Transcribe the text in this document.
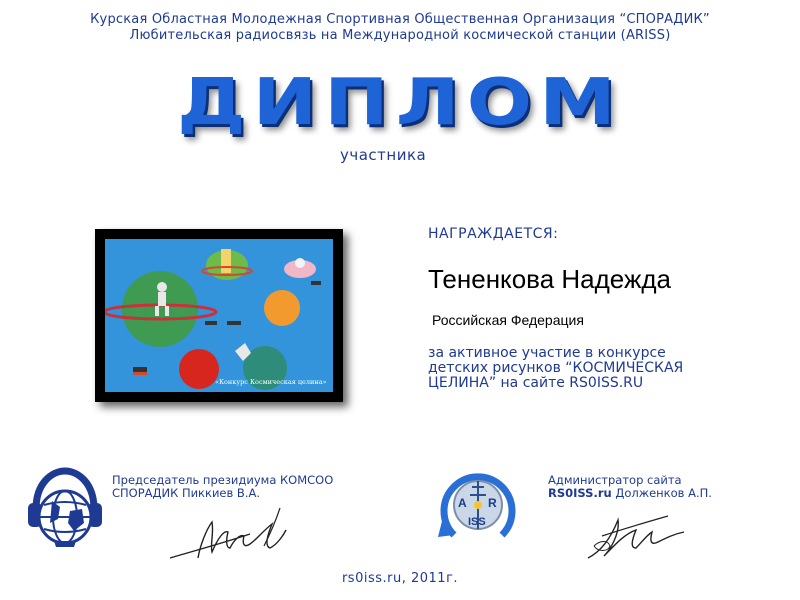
Курская Областная Молодежная Спортивная Общественная Организация “СПОРАДИК”
Любительская радиосвязь на Международной космической станции (ARISS)
ДИПЛОМ
участника
«Конкурс Космическая целина»
НАГРАЖДАЕТСЯ:
Тененкова Надежда
Российская Федерация
за активное участие в конкурсе
детских рисунков “КОСМИЧЕСКАЯ
ЦЕЛИНА” на сайте RS0ISS.RU
Председатель президиума КОМСОО
СПОРАДИК Пиккиев В.А.
A R
ISS
Администратор сайта
RS0ISS.ru Долженков А.П.
rs0iss.ru, 2011г.
